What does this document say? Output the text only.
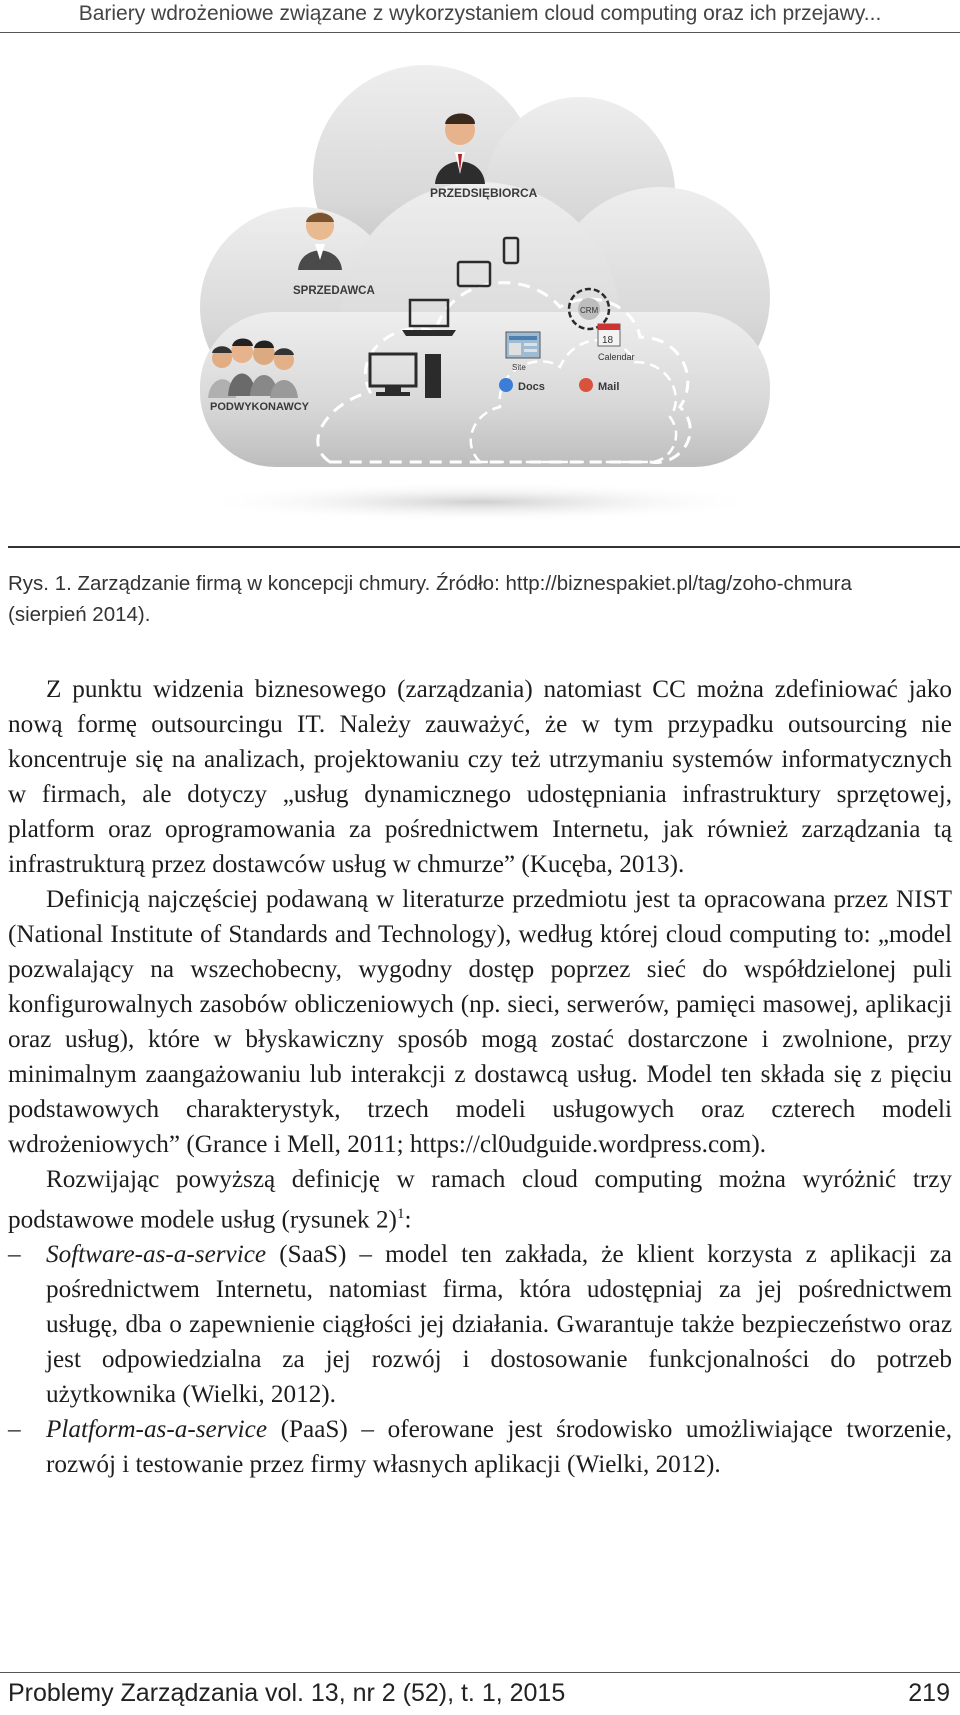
Bariery wdrożeniowe związane z wykorzystaniem cloud computing oraz ich przejawy...
PRZEDSIĘBIORCA
SPRZEDAWCA
PODWYKONAWCY
CRM
Site
18
Calendar
Docs	Mail
Rys. 1. Zarządzanie firmą w koncepcji chmury. Źródło: http://biznespakiet.pl/tag/zoho-chmura
(sierpień 2014).

Z punktu widzenia biznesowego (zarządzania) natomiast CC można zdefiniować jako nową formę outsourcingu IT. Należy zauważyć, że w tym przypadku outsourcing nie koncentruje się na analizach, projektowaniu czy też utrzymaniu systemów informatycznych w firmach, ale dotyczy „usług dynamicznego udostępniania infrastruktury sprzętowej, platform oraz oprogramowania za pośrednictwem Internetu, jak również zarządzania tą infrastrukturą przez dostawców usług w chmurze” (Kucęba, 2013).

Definicją najczęściej podawaną w literaturze przedmiotu jest ta opracowana przez NIST (National Institute of Standards and Technology), według której cloud computing to: „model pozwalający na wszechobecny, wygodny dostęp poprzez sieć do współdzielonej puli konfigurowalnych zasobów obliczeniowych (np. sieci, serwerów, pamięci masowej, aplikacji oraz usług), które w błyskawiczny sposób mogą zostać dostarczone i zwolnione, przy minimalnym zaangażowaniu lub interakcji z dostawcą usług. Model ten składa się z pięciu podstawowych charakterystyk, trzech modeli usługowych oraz czterech modeli wdrożeniowych” (Grance i Mell, 2011; https://cl0udguide.wordpress.com).

Rozwijając powyższą definicję w ramach cloud computing można wyróżnić trzy podstawowe modele usług (rysunek 2)$^1$:

–	Software-as-a-service (SaaS) – model ten zakłada, że klient korzysta z aplikacji za pośrednictwem Internetu, natomiast firma, która udostępniaj za jej pośrednictwem usługę, dba o zapewnienie ciągłości jej działania. Gwarantuje także bezpieczeństwo oraz jest odpowiedzialna za jej rozwój i dostosowanie funkcjonalności do potrzeb użytkownika (Wielki, 2012).
–	Platform-as-a-service (PaaS) – oferowane jest środowisko umożliwiające tworzenie, rozwój i testowanie przez firmy własnych aplikacji (Wielki, 2012).
Problemy Zarządzania vol. 13, nr 2 (52), t. 1, 2015	219
